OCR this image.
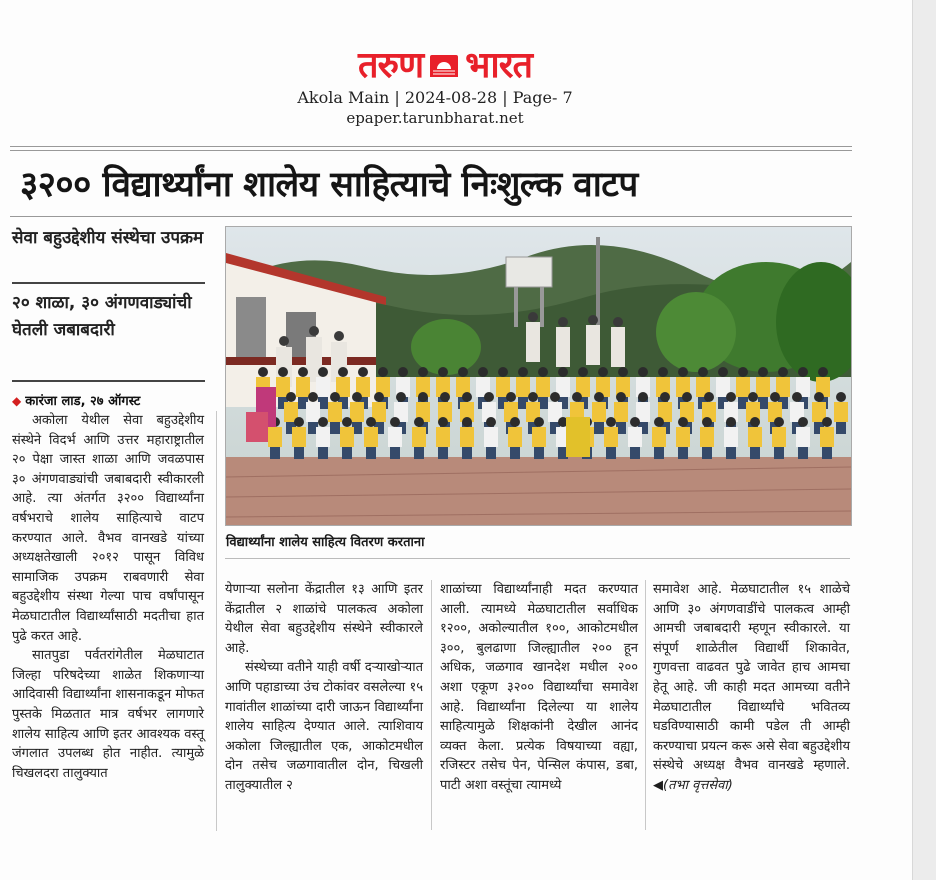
तरुण भारत
Akola Main | 2024-08-28 | Page- 7
epaper.tarunbharat.net
३२०० विद्यार्थ्यांना शालेय साहित्याचे निःशुल्क वाटप
सेवा बहुउद्देशीय संस्थेचा उपक्रम
२० शाळा, ३० अंगणवाड्यांची घेतली जबाबदारी
◆ कारंजा लाड, २७ ऑगस्ट

अकोला येथील सेवा बहुउद्देशीय संस्थेने विदर्भ आणि उत्तर महाराष्ट्रातील २० पेक्षा जास्त शाळा आणि जवळपास ३० अंगणवाड्यांची जबाबदारी स्वीकारली आहे. त्या अंतर्गत ३२०० विद्यार्थ्यांना वर्षभराचे शालेय साहित्याचे वाटप करण्यात आले. वैभव वानखडे यांच्या अध्यक्षतेखाली २०१२ पासून विविध सामाजिक उपक्रम राबवणारी सेवा बहुउद्देशीय संस्था गेल्या पाच वर्षांपासून मेळघाटातील विद्यार्थ्यांसाठी मदतीचा हात पुढे करत आहे.

सातपुडा पर्वतरांगेतील मेळघाटात जिल्हा परिषदेच्या शाळेत शिकणाऱ्या आदिवासी विद्यार्थ्यांना शासनाकडून मोफत पुस्तके मिळतात मात्र वर्षभर लागणारे शालेय साहित्य आणि इतर आवश्यक वस्तू जंगलात उपलब्ध होत नाहीत. त्यामुळे चिखलदरा तालुक्यात

विद्यार्थ्यांना शालेय साहित्य वितरण करताना

येणाऱ्या सलोना केंद्रातील १३ आणि इतर केंद्रातील २ शाळांचे पालकत्व अकोला येथील सेवा बहुउद्देशीय संस्थेने स्वीकारले आहे.

संस्थेच्या वतीने याही वर्षी दऱ्याखोऱ्यात आणि पहाडाच्या उंच टोकांवर वसलेल्या १५ गावांतील शाळांच्या दारी जाऊन विद्यार्थ्यांना शालेय साहित्य देण्यात आले. त्याशिवाय अकोला जिल्ह्यातील एक, आकोटमधील दोन तसेच जळगावातील दोन, चिखली तालुक्यातील २

शाळांच्या विद्यार्थ्यांनाही मदत करण्यात आली. त्यामध्ये मेळघाटातील सर्वाधिक १२००, अकोल्यातील १००, आकोटमधील ३००, बुलढाणा जिल्ह्यातील २०० हून अधिक, जळगाव खानदेश मधील २०० अशा एकूण ३२०० विद्यार्थ्यांचा समावेश आहे. विद्यार्थ्यांना दिलेल्या या शालेय साहित्यामुळे शिक्षकांनी देखील आनंद व्यक्त केला. प्रत्येक विषयाच्या वह्या, रजिस्टर तसेच पेन, पेन्सिल कंपास, डबा, पाटी अशा वस्तूंचा त्यामध्ये

समावेश आहे. मेळघाटातील १५ शाळेचे आणि ३० अंगणवाडींचे पालकत्व आम्ही आमची जबाबदारी म्हणून स्वीकारले. या संपूर्ण शाळेतील विद्यार्थी शिकावेत, गुणवत्ता वाढवत पुढे जावेत हाच आमचा हेतू आहे. जी काही मदत आमच्या वतीने मेळघाटातील विद्यार्थ्यांचे भवितव्य घडविण्यासाठी कामी पडेल ती आम्ही करण्याचा प्रयत्न करू असे सेवा बहुउद्देशीय संस्थेचे अध्यक्ष वैभव वानखडे म्हणाले. ◀(तभा वृत्तसेवा)
